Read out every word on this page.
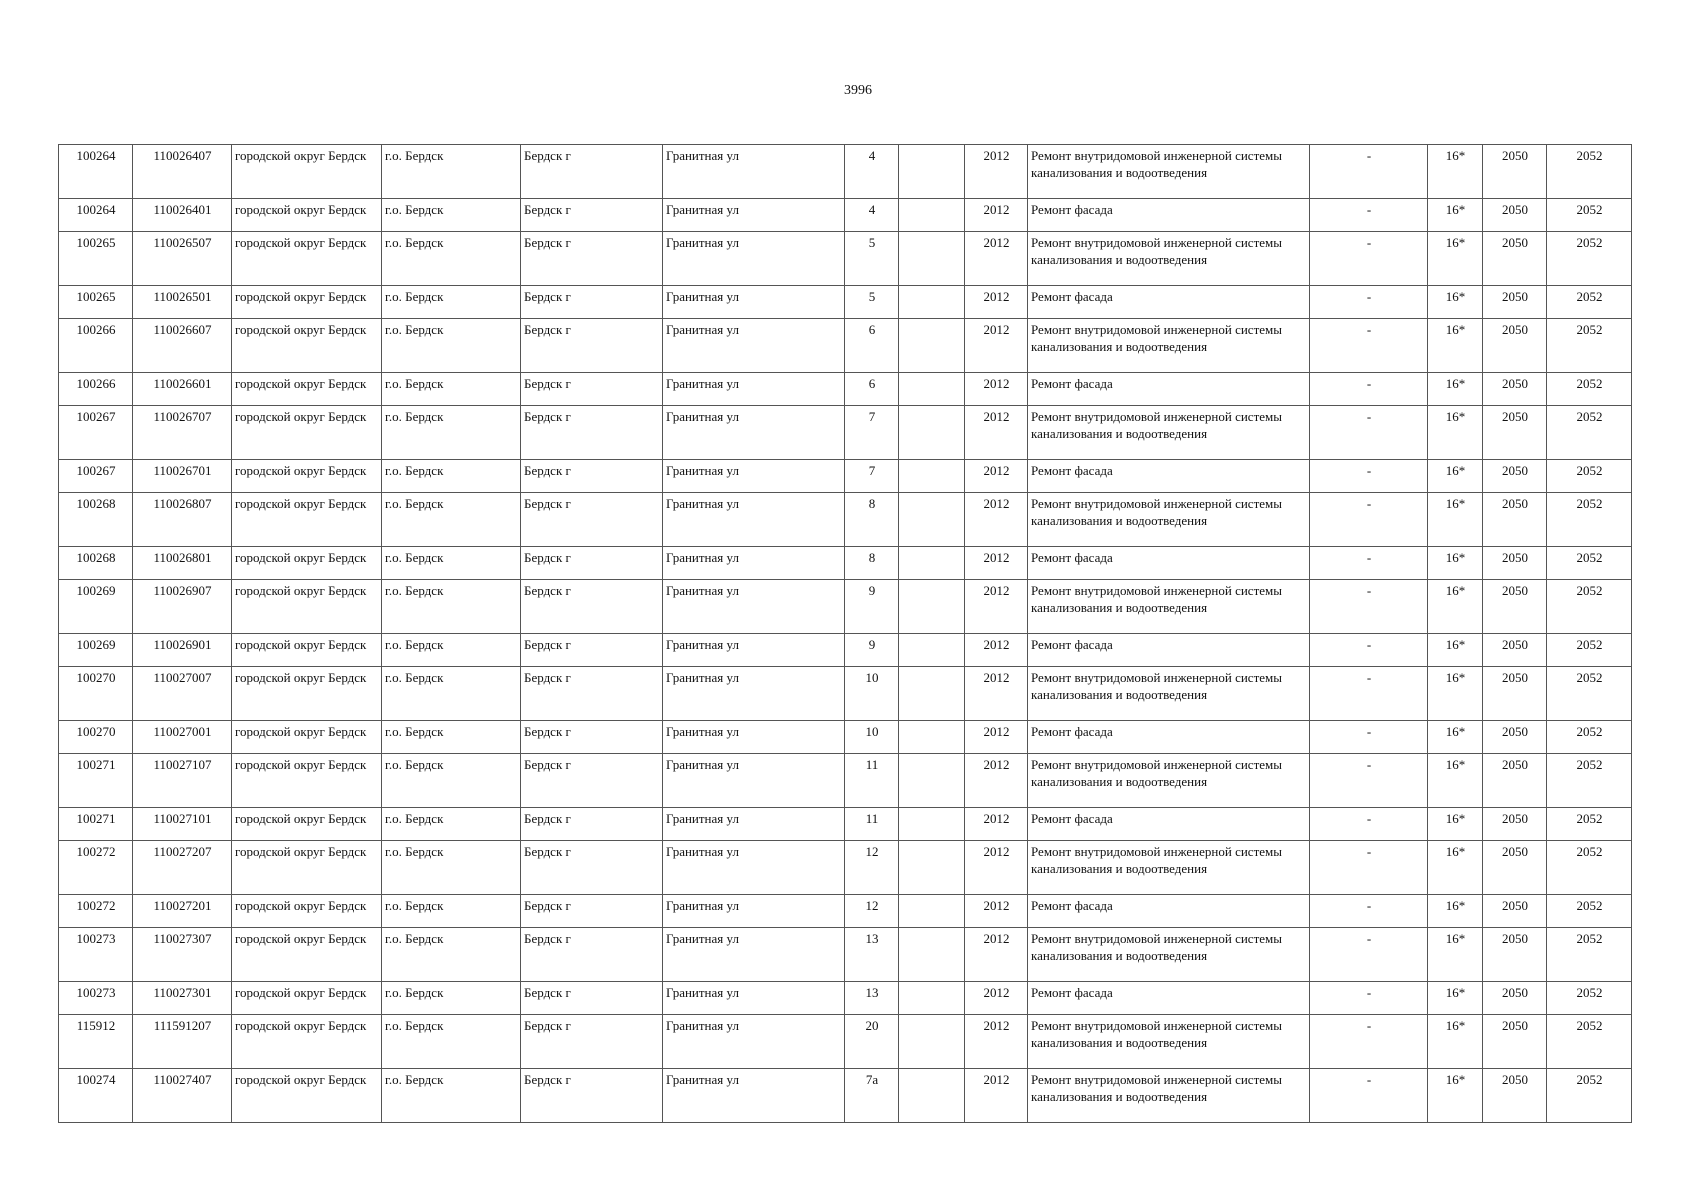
3996
100264	110026407	городской округ Бердск	г.о. Бердск	Бердск г	Гранитная ул	4		2012	Ремонт внутридомовой инженерной системы канализования и водоотведения	-	16*	2050	2052
100264	110026401	городской округ Бердск	г.о. Бердск	Бердск г	Гранитная ул	4		2012	Ремонт фасада	-	16*	2050	2052
100265	110026507	городской округ Бердск	г.о. Бердск	Бердск г	Гранитная ул	5		2012	Ремонт внутридомовой инженерной системы канализования и водоотведения	-	16*	2050	2052
100265	110026501	городской округ Бердск	г.о. Бердск	Бердск г	Гранитная ул	5		2012	Ремонт фасада	-	16*	2050	2052
100266	110026607	городской округ Бердск	г.о. Бердск	Бердск г	Гранитная ул	6		2012	Ремонт внутридомовой инженерной системы канализования и водоотведения	-	16*	2050	2052
100266	110026601	городской округ Бердск	г.о. Бердск	Бердск г	Гранитная ул	6		2012	Ремонт фасада	-	16*	2050	2052
100267	110026707	городской округ Бердск	г.о. Бердск	Бердск г	Гранитная ул	7		2012	Ремонт внутридомовой инженерной системы канализования и водоотведения	-	16*	2050	2052
100267	110026701	городской округ Бердск	г.о. Бердск	Бердск г	Гранитная ул	7		2012	Ремонт фасада	-	16*	2050	2052
100268	110026807	городской округ Бердск	г.о. Бердск	Бердск г	Гранитная ул	8		2012	Ремонт внутридомовой инженерной системы канализования и водоотведения	-	16*	2050	2052
100268	110026801	городской округ Бердск	г.о. Бердск	Бердск г	Гранитная ул	8		2012	Ремонт фасада	-	16*	2050	2052
100269	110026907	городской округ Бердск	г.о. Бердск	Бердск г	Гранитная ул	9		2012	Ремонт внутридомовой инженерной системы канализования и водоотведения	-	16*	2050	2052
100269	110026901	городской округ Бердск	г.о. Бердск	Бердск г	Гранитная ул	9		2012	Ремонт фасада	-	16*	2050	2052
100270	110027007	городской округ Бердск	г.о. Бердск	Бердск г	Гранитная ул	10		2012	Ремонт внутридомовой инженерной системы канализования и водоотведения	-	16*	2050	2052
100270	110027001	городской округ Бердск	г.о. Бердск	Бердск г	Гранитная ул	10		2012	Ремонт фасада	-	16*	2050	2052
100271	110027107	городской округ Бердск	г.о. Бердск	Бердск г	Гранитная ул	11		2012	Ремонт внутридомовой инженерной системы канализования и водоотведения	-	16*	2050	2052
100271	110027101	городской округ Бердск	г.о. Бердск	Бердск г	Гранитная ул	11		2012	Ремонт фасада	-	16*	2050	2052
100272	110027207	городской округ Бердск	г.о. Бердск	Бердск г	Гранитная ул	12		2012	Ремонт внутридомовой инженерной системы канализования и водоотведения	-	16*	2050	2052
100272	110027201	городской округ Бердск	г.о. Бердск	Бердск г	Гранитная ул	12		2012	Ремонт фасада	-	16*	2050	2052
100273	110027307	городской округ Бердск	г.о. Бердск	Бердск г	Гранитная ул	13		2012	Ремонт внутридомовой инженерной системы канализования и водоотведения	-	16*	2050	2052
100273	110027301	городской округ Бердск	г.о. Бердск	Бердск г	Гранитная ул	13		2012	Ремонт фасада	-	16*	2050	2052
115912	111591207	городской округ Бердск	г.о. Бердск	Бердск г	Гранитная ул	20		2012	Ремонт внутридомовой инженерной системы канализования и водоотведения	-	16*	2050	2052
100274	110027407	городской округ Бердск	г.о. Бердск	Бердск г	Гранитная ул	7а		2012	Ремонт внутридомовой инженерной системы канализования и водоотведения	-	16*	2050	2052
